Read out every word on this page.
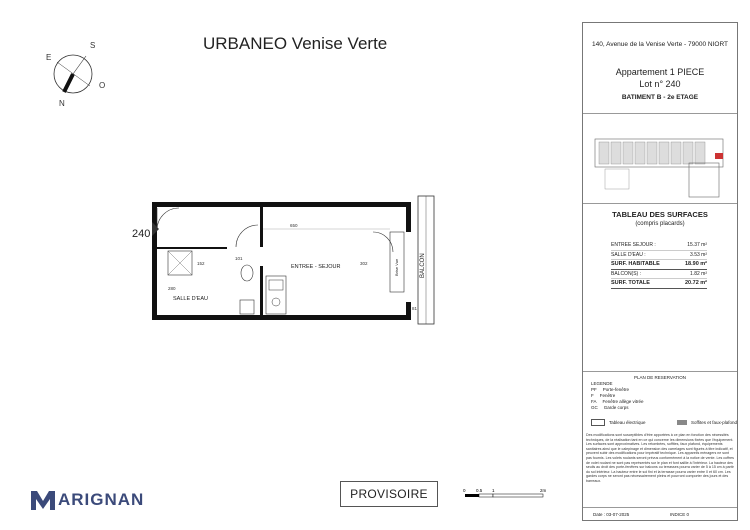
URBANEO Venise Verte
S
E
O
N
650
280
302
101
81
152
ENTREE - SEJOUR
SALLE D'EAU
BALCON
Brise Vue
240
PROVISOIRE	0 0.5 1	2m
ARIGNAN
140, Avenue de la Venise Verte - 79000 NIORT
Appartement 1 PIECE
Lot n° 240
BATIMENT B - 2e ETAGE
TABLEAU DES SURFACES
(compris placards)
ENTREE SEJOUR :	15.37 m²
SALLE D'EAU :	3.53 m²
SURF. HABITABLE	18.90 m²
BALCON(S) :	1.82 m²
SURF. TOTALE	20.72 m²
PLAN DE RESERVATION
LEGENDE
PF Porte-fenêtre
F Fenêtre
FA Fenêtre allège vitrée
GC Garde corps
Tableau électrique	Soffites et faux-plafond
Des modifications sont susceptibles d'être apportées à ce plan en fonction des nécessités techniques, de la réalisation tant en ce qui concerne les dimensions fixées que l'équipement. Les surfaces sont approximatives. Les retombées, soffites, faux plafond, équipements sanitaires ainsi que le calepinage et dimension des carrelages sont figurés à titre indicatif, et peuvent subir des modifications pour impératif technique. Les appareils ménagers ne sont pas fournis. Les volets roulants seront prévus conformément à la notice de vente. Les coffres de volet roulant ne sont pas représentés sur le plan et font saillie à l'intérieur. La hauteur des seuils au droit des porte-fenêtres sur balcons ou terrasses pourra varier de 5 à 15 cm à partir du sol intérieur. La hauteur entre le sol fini et la terrasse pourra varier entre 0 et 60 cm. Les gardes corps ne seront pas nécessairement pleins et pourront comporter des jours et des barreaux.
Date : 03-07-2025	INDICE 0
